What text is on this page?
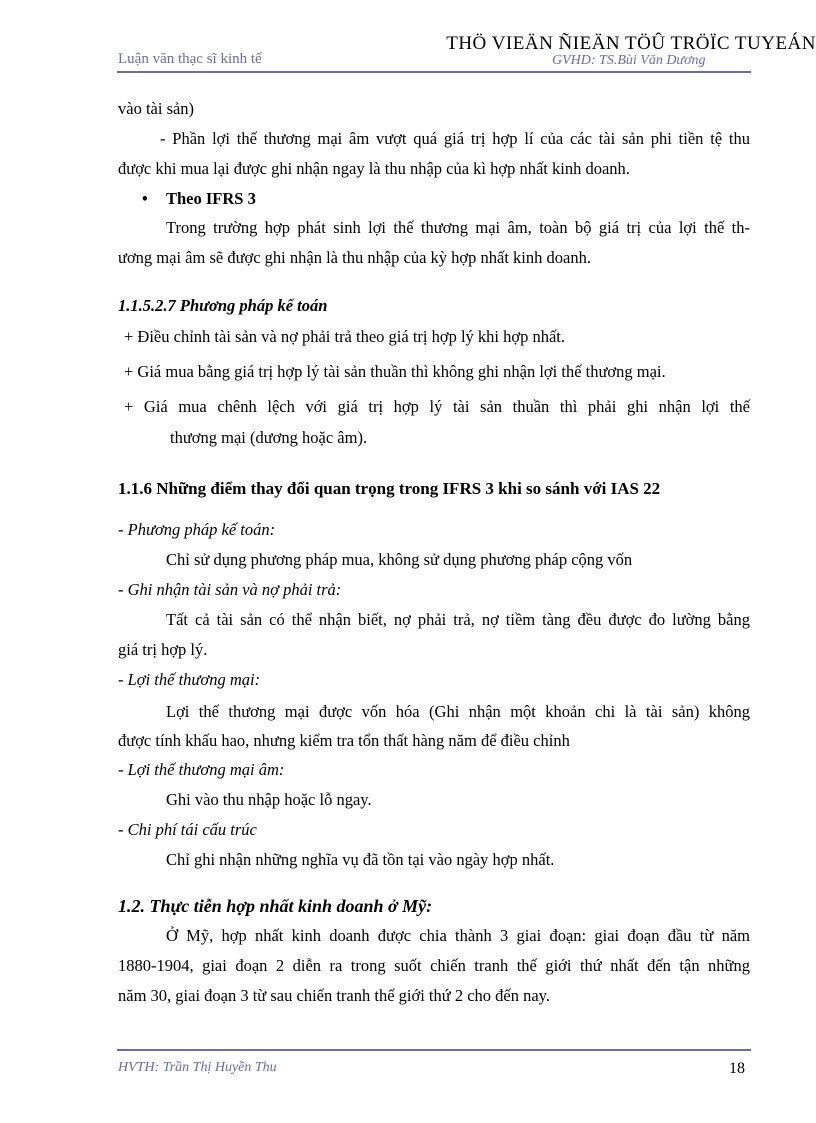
THÖ VIEÄN ÑIEÄN TÖÛ TRÖÏC TUYEÁN
Luận văn thạc sĩ kinh tế	GVHD: TS.Bùi Văn Dương
vào tài sản)
- Phần lợi thế thương mại âm vượt quá giá trị hợp lí của các tài sản phi tiền tệ thu
được khi mua lại được ghi nhận ngay là thu nhập của kì hợp nhất kinh doanh.
• Theo IFRS 3
Trong trường hợp phát sinh lợi thế thương mại âm, toàn bộ giá trị của lợi thế th-
ương mại âm sẽ được ghi nhận là thu nhập của kỳ hợp nhất kinh doanh.
1.1.5.2.7 Phương pháp kế toán
+ Điều chỉnh tài sản và nợ phải trả theo giá trị hợp lý khi hợp nhất.
+ Giá mua bằng giá trị hợp lý tài sản thuần thì không ghi nhận lợi thế thương mại.
+ Giá mua chênh lệch với giá trị hợp lý tài sản thuần thì phải ghi nhận lợi thế
thương mại (dương hoặc âm).
1.1.6 Những điểm thay đổi quan trọng trong IFRS 3 khi so sánh với IAS 22
- Phương pháp kế toán:
Chỉ sử dụng phương pháp mua, không sử dụng phương pháp cộng vốn
- Ghi nhận tài sản và nợ phải trả:
Tất cả tài sản có thể nhận biết, nợ phải trả, nợ tiềm tàng đều được đo lường bằng
giá trị hợp lý.
- Lợi thế thương mại:
Lợi thế thương mại được vốn hóa (Ghi nhận một khoản chi là tài sản) không
được tính khấu hao, nhưng kiểm tra tổn thất hàng năm để điều chỉnh
- Lợi thế thương mại âm:
Ghi vào thu nhập hoặc lỗ ngay.
- Chi phí tái cấu trúc
Chỉ ghi nhận những nghĩa vụ đã tồn tại vào ngày hợp nhất.
1.2. Thực tiễn hợp nhất kinh doanh ở Mỹ:
Ở Mỹ, hợp nhất kinh doanh được chia thành 3 giai đoạn: giai đoạn đầu từ năm
1880-1904, giai đoạn 2 diễn ra trong suốt chiến tranh thế giới thứ nhất đến tận những
năm 30, giai đoạn 3 từ sau chiến tranh thế giới thứ 2 cho đến nay.
HVTH: Trần Thị Huyền Thu	18
